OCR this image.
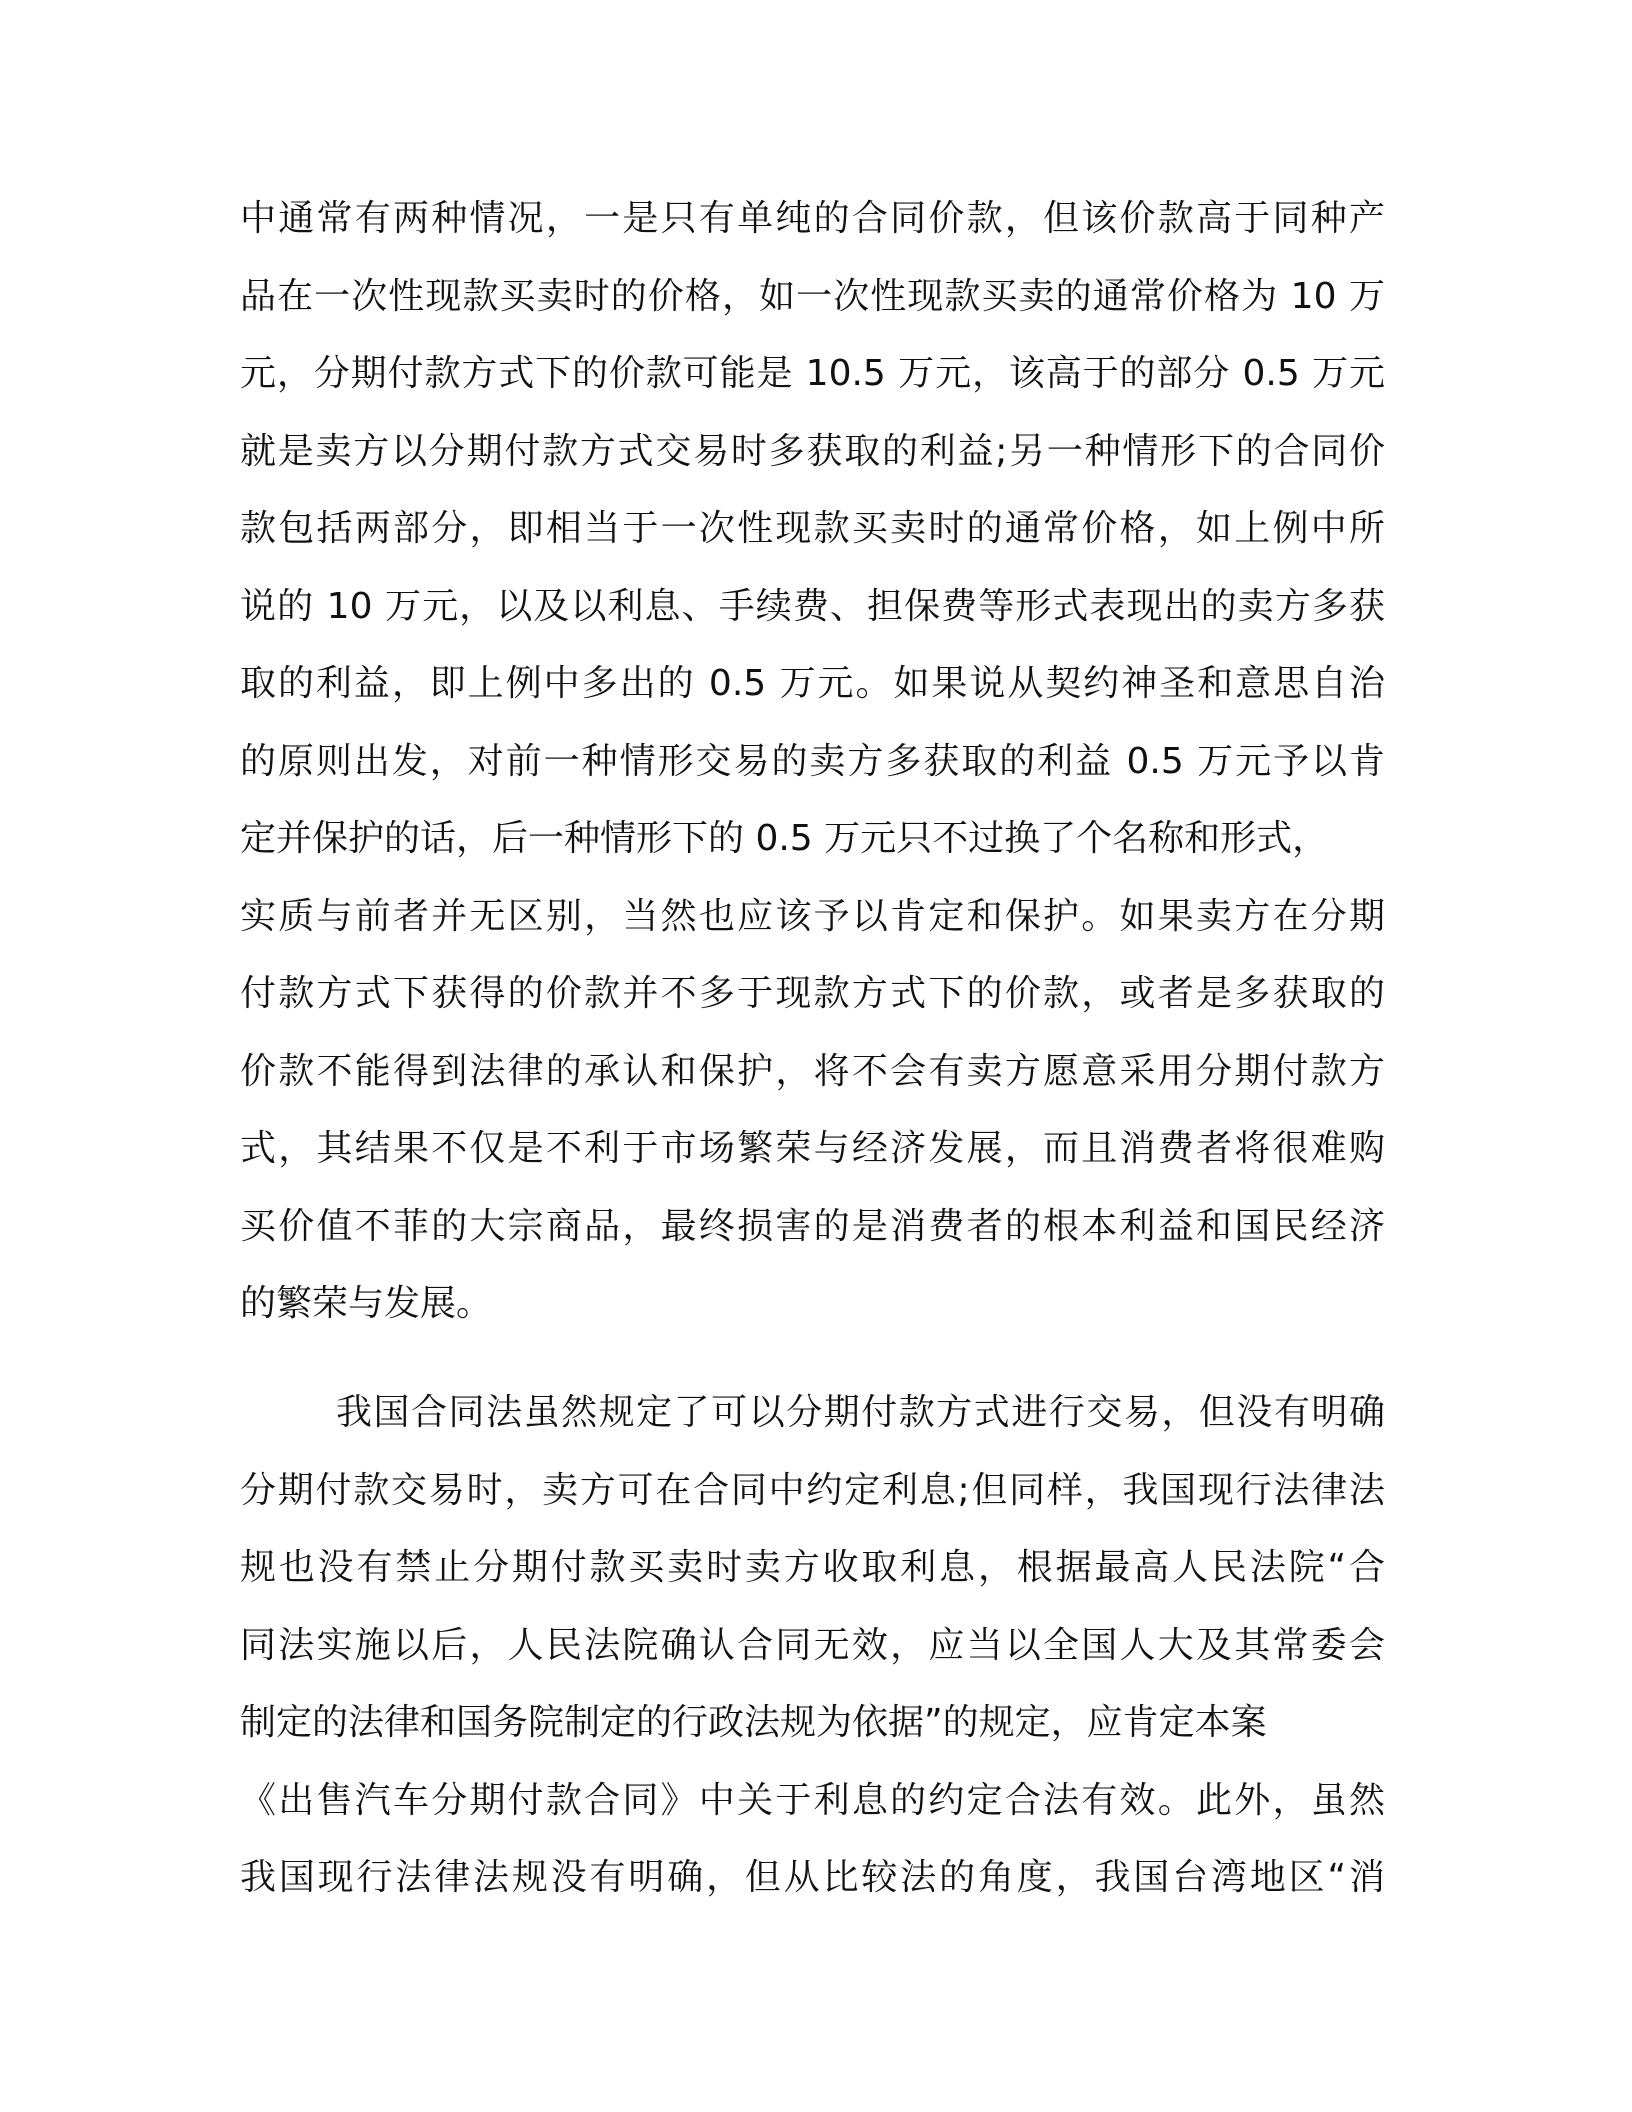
中通常有两种情况，一是只有单纯的合同价款，但该价款高于同种产
品在一次性现款买卖时的价格，如一次性现款买卖的通常价格为 10 万
元，分期付款方式下的价款可能是 10.5 万元，该高于的部分 0.5 万元
就是卖方以分期付款方式交易时多获取的利益;另一种情形下的合同价
款包括两部分，即相当于一次性现款买卖时的通常价格，如上例中所
说的 10 万元，以及以利息、手续费、担保费等形式表现出的卖方多获
取的利益，即上例中多出的 0.5 万元。如果说从契约神圣和意思自治
的原则出发，对前一种情形交易的卖方多获取的利益 0.5 万元予以肯
定并保护的话，后一种情形下的 0.5 万元只不过换了个名称和形式，
实质与前者并无区别，当然也应该予以肯定和保护。如果卖方在分期
付款方式下获得的价款并不多于现款方式下的价款，或者是多获取的
价款不能得到法律的承认和保护，将不会有卖方愿意采用分期付款方
式，其结果不仅是不利于市场繁荣与经济发展，而且消费者将很难购
买价值不菲的大宗商品，最终损害的是消费者的根本利益和国民经济
的繁荣与发展。
我国合同法虽然规定了可以分期付款方式进行交易，但没有明确
分期付款交易时，卖方可在合同中约定利息;但同样，我国现行法律法
规也没有禁止分期付款买卖时卖方收取利息，根据最高人民法院“合
同法实施以后，人民法院确认合同无效，应当以全国人大及其常委会
制定的法律和国务院制定的行政法规为依据”的规定，应肯定本案
《出售汽车分期付款合同》中关于利息的约定合法有效。此外，虽然
我国现行法律法规没有明确，但从比较法的角度，我国台湾地区“消
